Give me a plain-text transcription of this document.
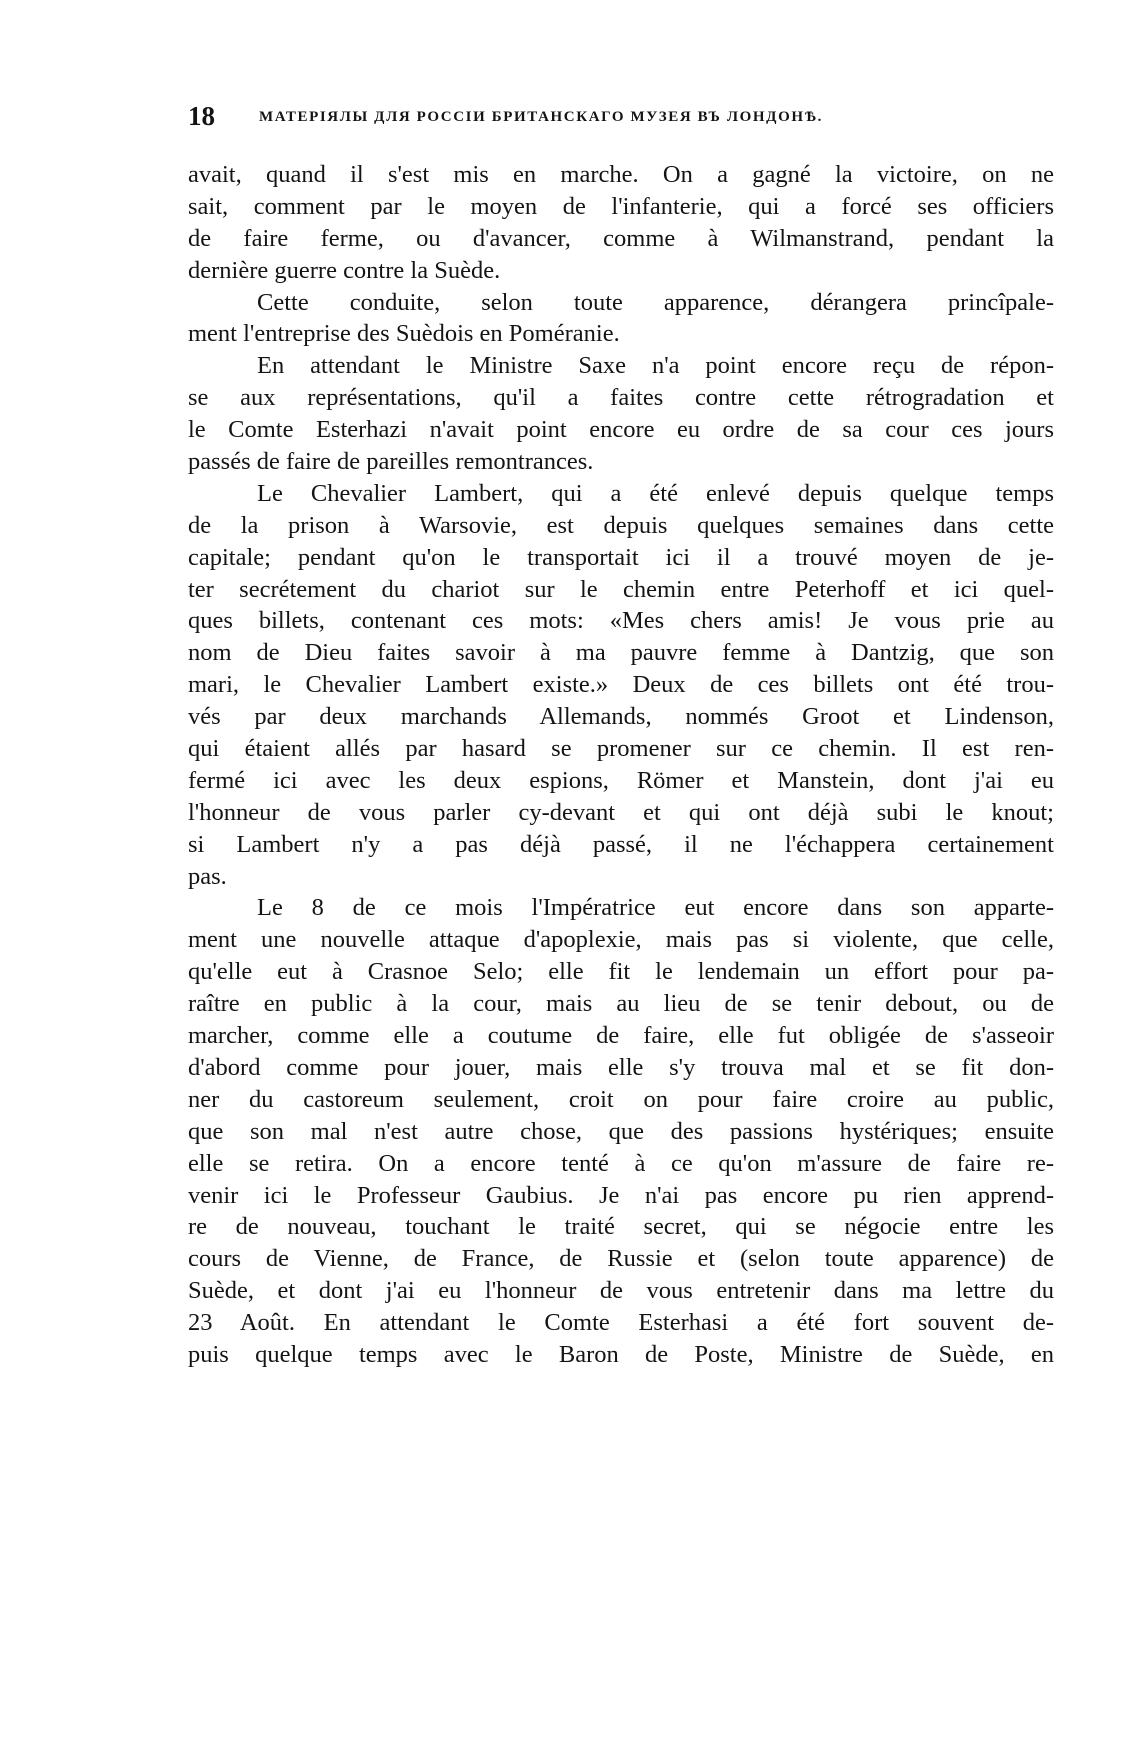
18	МАТЕРІЯЛЫ ДЛЯ РОССІИ БРИТАНСКАГО МУЗЕЯ ВЪ ЛОНДОНѢ.
avait, quand il s'est mis en marche. On a gagné la victoire, on ne
sait, comment par le moyen de l'infanterie, qui a forcé ses officiers
de faire ferme, ou d'avancer, comme à Wilmanstrand, pendant la
dernière guerre contre la Suède.
Cette conduite, selon toute apparence, dérangera princîpale-
ment l'entreprise des Suèdois en Poméranie.
En attendant le Ministre Saxe n'a point encore reçu de répon-
se aux représentations, qu'il a faites contre cette rétrogradation et
le Comte Esterhazi n'avait point encore eu ordre de sa cour ces jours
passés de faire de pareilles remontrances.
Le Chevalier Lambert, qui a été enlevé depuis quelque temps
de la prison à Warsovie, est depuis quelques semaines dans cette
capitale; pendant qu'on le transportait ici il a trouvé moyen de je-
ter secrétement du chariot sur le chemin entre Peterhoff et ici quel-
ques billets, contenant ces mots: «Mes chers amis! Je vous prie au
nom de Dieu faites savoir à ma pauvre femme à Dantzig, que son
mari, le Chevalier Lambert existe.» Deux de ces billets ont été trou-
vés par deux marchands Allemands, nommés Groot et Lindenson,
qui étaient allés par hasard se promener sur ce chemin. Il est ren-
fermé ici avec les deux espions, Römer et Manstein, dont j'ai eu
l'honneur de vous parler cy-devant et qui ont déjà subi le knout;
si Lambert n'y a pas déjà passé, il ne l'échappera certainement
pas.
Le 8 de ce mois l'Impératrice eut encore dans son apparte-
ment une nouvelle attaque d'apoplexie, mais pas si violente, que celle,
qu'elle eut à Crasnoe Selo; elle fit le lendemain un effort pour pa-
raître en public à la cour, mais au lieu de se tenir debout, ou de
marcher, comme elle a coutume de faire, elle fut obligée de s'asseoir
d'abord comme pour jouer, mais elle s'y trouva mal et se fit don-
ner du castoreum seulement, croit on pour faire croire au public,
que son mal n'est autre chose, que des passions hystériques; ensuite
elle se retira. On a encore tenté à ce qu'on m'assure de faire re-
venir ici le Professeur Gaubius. Je n'ai pas encore pu rien apprend-
re de nouveau, touchant le traité secret, qui se négocie entre les
cours de Vienne, de France, de Russie et (selon toute apparence) de
Suède, et dont j'ai eu l'honneur de vous entretenir dans ma lettre du
23 Août. En attendant le Comte Esterhasi a été fort souvent de-
puis quelque temps avec le Baron de Poste, Ministre de Suède, en
